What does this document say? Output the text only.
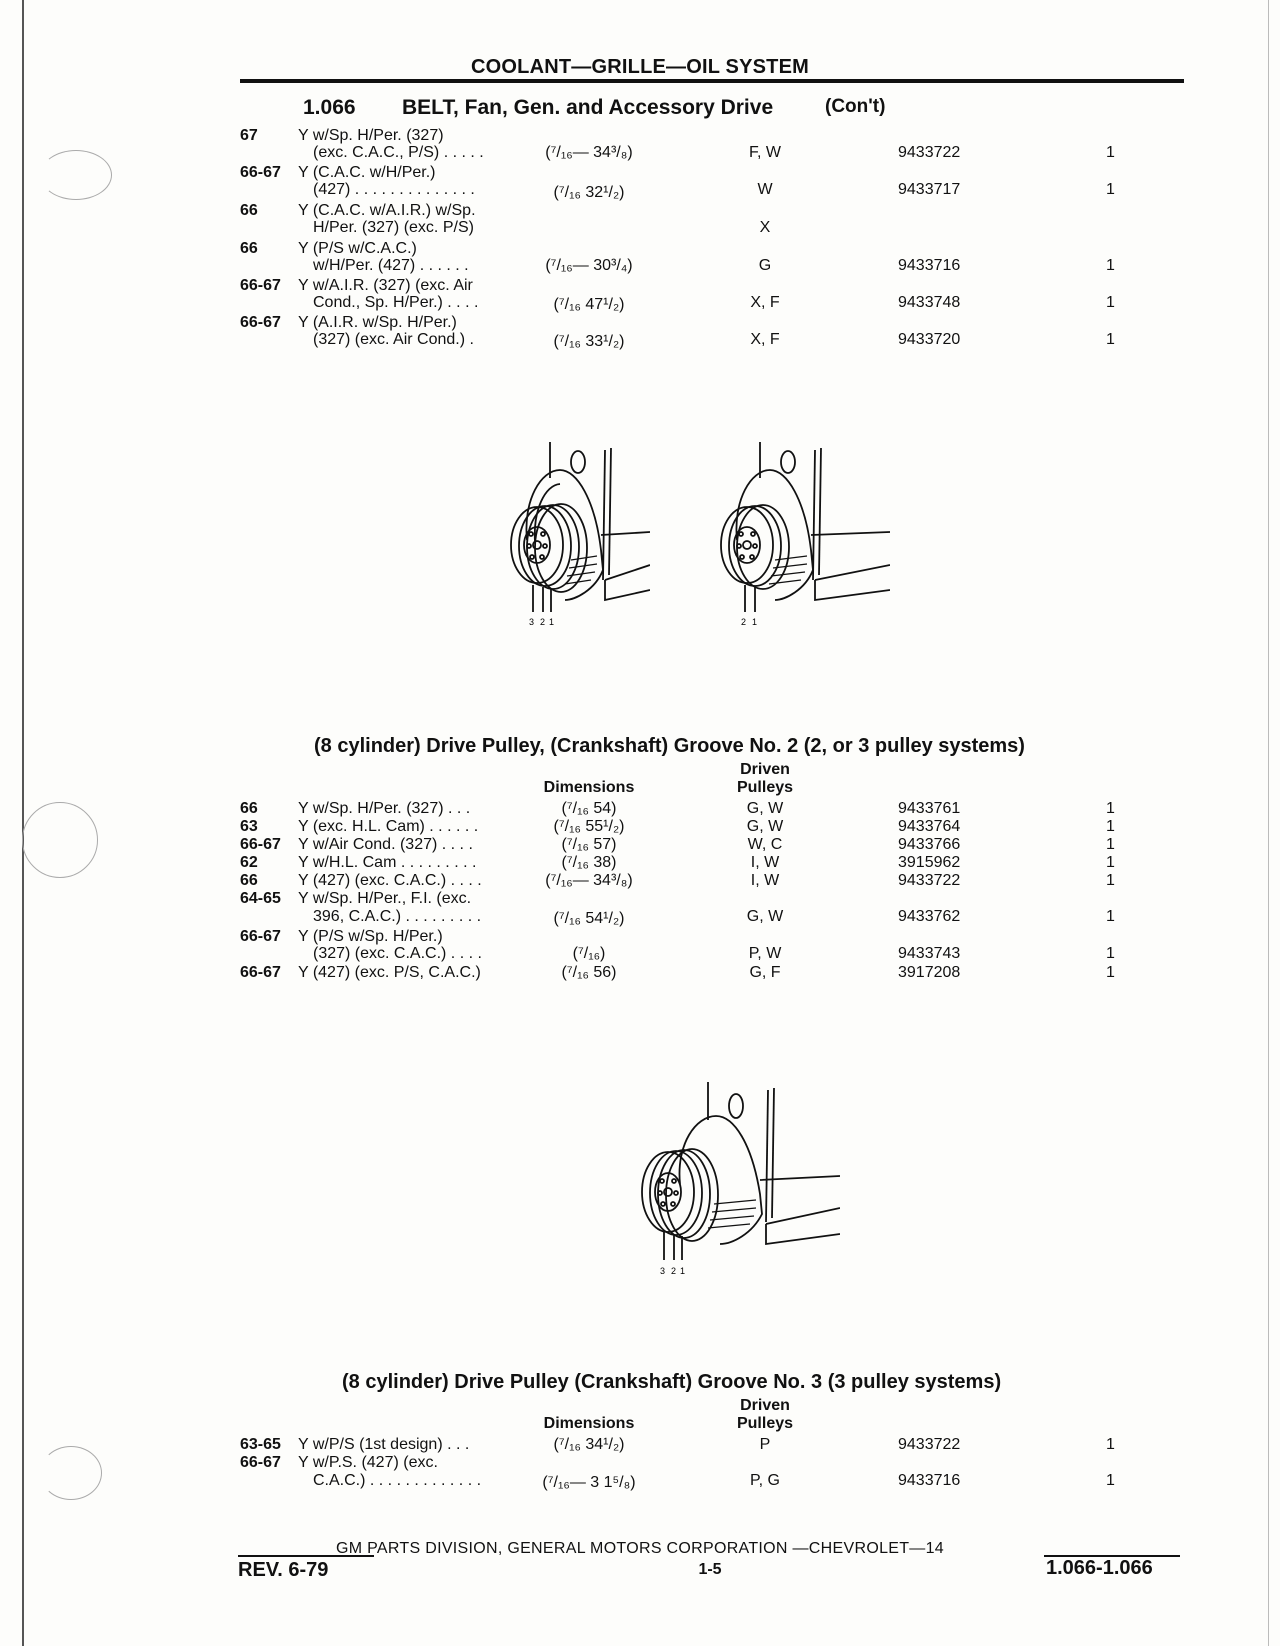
COOLANT—GRILLE—OIL SYSTEM
1.066 BELT, Fan, Gen. and Accessory Drive	(Con't)
67	Y w/Sp. H/Per. (327)
(exc. C.A.C., P/S) . . . . .	(⁷/₁₆— 34³/₈)	F, W	9433722	1
66-67 Y (C.A.C. w/H/Per.)
(427) . . . . . . . . . . . . . .	(⁷/₁₆ 32¹/₂)	W	9433717	1
66	Y (C.A.C. w/A.I.R.) w/Sp.
H/Per. (327) (exc. P/S)	X
66	Y (P/S w/C.A.C.)
w/H/Per. (427) . . . . . .	(⁷/₁₆— 30³/₄)	G	9433716	1
66-67 Y w/A.I.R. (327) (exc. Air
Cond., Sp. H/Per.) . . . .	(⁷/₁₆ 47¹/₂)	X, F	9433748	1
66-67 Y (A.I.R. w/Sp. H/Per.)
(327) (exc. Air Cond.) .	(⁷/₁₆ 33¹/₂)	X, F	9433720	1
3 2 1	2 1
(8 cylinder) Drive Pulley, (Crankshaft) Groove No. 2 (2, or 3 pulley systems)
Driven
Pulleys
Dimensions
66	Y w/Sp. H/Per. (327) . . .	(⁷/₁₆ 54)	G, W	9433761	1
63	Y (exc. H.L. Cam) . . . . . .	(⁷/₁₆ 55¹/₂)	G, W	9433764	1
66-67 Y w/Air Cond. (327) . . . .	(⁷/₁₆ 57)	W, C	9433766	1
62	Y w/H.L. Cam . . . . . . . . .	(⁷/₁₆ 38)	I, W	3915962	1
66	Y (427) (exc. C.A.C.) . . . .	(⁷/₁₆— 34³/₈)	I, W	9433722	1
64-65 Y w/Sp. H/Per., F.I. (exc.
396, C.A.C.) . . . . . . . . .	(⁷/₁₆ 54¹/₂)	G, W	9433762	1
66-67 Y (P/S w/Sp. H/Per.)
(327) (exc. C.A.C.) . . . .	(⁷/₁₆)	P, W	9433743	1
66-67 Y (427) (exc. P/S, C.A.C.)	(⁷/₁₆ 56)	G, F	3917208	1
3 2 1
(8 cylinder) Drive Pulley (Crankshaft) Groove No. 3 (3 pulley systems)
Driven
Pulleys
Dimensions
63-65 Y w/P/S (1st design) . . .	(⁷/₁₆ 34¹/₂)	P	9433722	1
66-67 Y w/P.S. (427) (exc.
C.A.C.) . . . . . . . . . . . . .	(⁷/₁₆— 3 1⁵/₈)	P, G	9433716	1
GM PARTS DIVISION, GENERAL MOTORS CORPORATION —CHEVROLET—14
REV. 6-79	1-5	1.066-1.066
